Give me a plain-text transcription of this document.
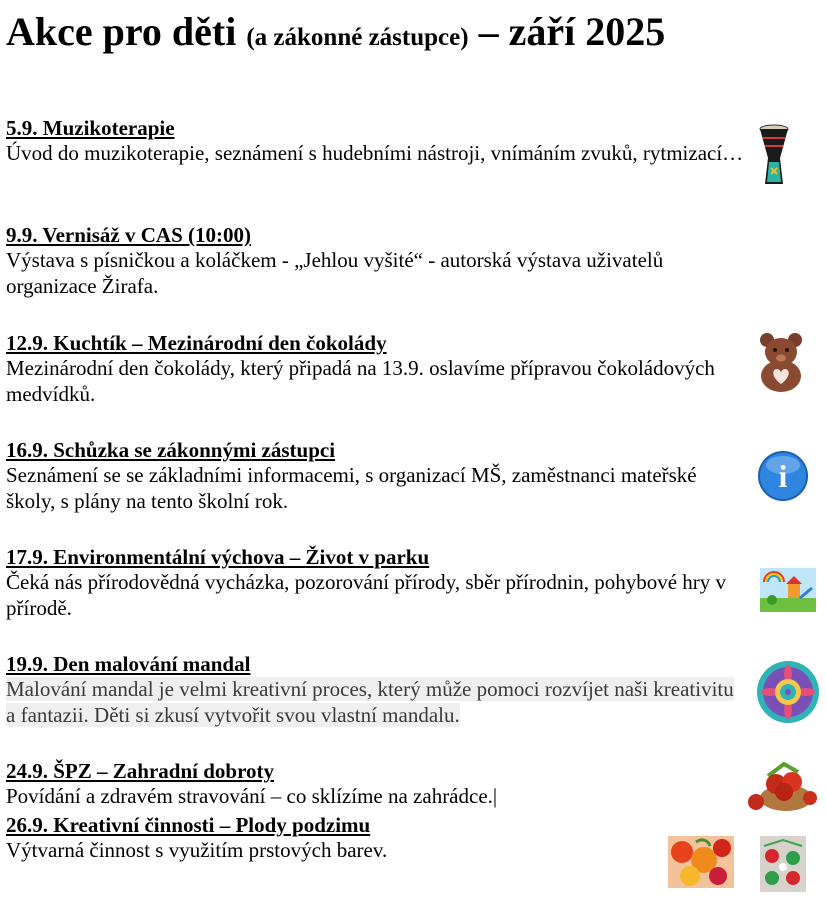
Akce pro děti (a zákonné zástupce) – září 2025
5.9. Muzikoterapie
Úvod do muzikoterapie, seznámení s hudebními nástroji, vnímáním zvuků, rytmizací…
9.9. Vernisáž v CAS (10:00)
Výstava s písničkou a koláčkem - „Jehlou vyšité“ - autorská výstava uživatelů organizace Žirafa.
12.9. Kuchtík – Mezinárodní den čokolády
Mezinárodní den čokolády, který připadá na 13.9. oslavíme přípravou čokoládových medvídků.
16.9. Schůzka se zákonnými zástupci
Seznámení se se základními informacemi, s organizací MŠ, zaměstnanci mateřské školy, s plány na tento školní rok.
i
17.9. Environmentální výchova – Život v parku
Čeká nás přírodovědná vycházka, pozorování přírody, sběr přírodnin, pohybové hry v přírodě.
19.9. Den malování mandal
Malování mandal je velmi kreativní proces, který může pomoci rozvíjet naši kreativitu a fantazii. Děti si zkusí vytvořit svou vlastní mandalu.
24.9. ŠPZ – Zahradní dobroty
Povídání a zdravém stravování – co sklízíme na zahrádce.|
26.9. Kreativní činnosti – Plody podzimu
Výtvarná činnost s využitím prstových barev.
